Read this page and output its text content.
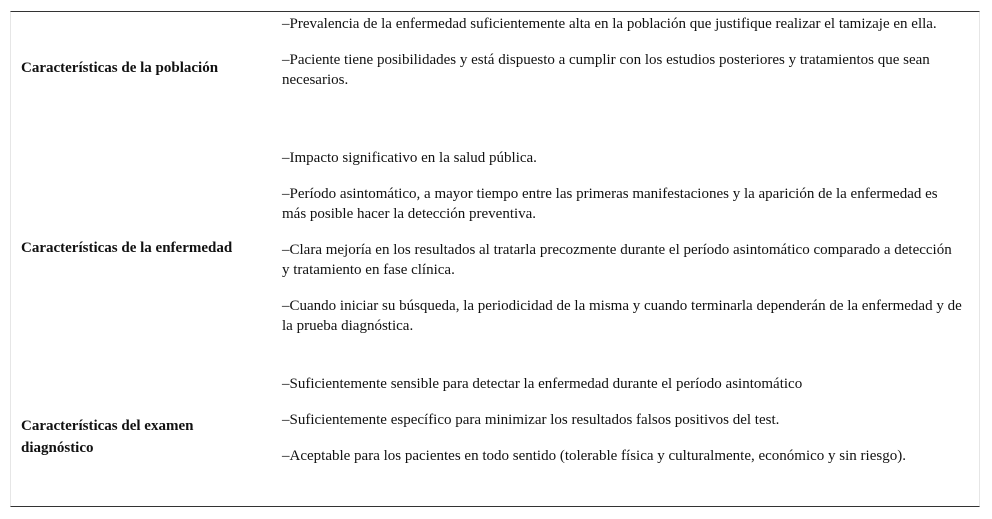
Características de la población

–Prevalencia de la enfermedad suficientemente alta en la población que justifique realizar el tamizaje en ella.

–Paciente tiene posibilidades y está dispuesto a cumplir con los estudios posteriores y tratamientos que sean necesarios.

Características de la enfermedad

–Impacto significativo en la salud pública.

–Período asintomático, a mayor tiempo entre las primeras manifestaciones y la aparición de la enfermedad es más posible hacer la detección preventiva.

–Clara mejoría en los resultados al tratarla precozmente durante el período asintomático comparado a detección y tratamiento en fase clínica.

–Cuando iniciar su búsqueda, la periodicidad de la misma y cuando terminarla dependerán de la enfermedad y de la prueba diagnóstica.

Características del examen diagnóstico

–Suficientemente sensible para detectar la enfermedad durante el período asintomático

–Suficientemente específico para minimizar los resultados falsos positivos del test.

–Aceptable para los pacientes en todo sentido (tolerable física y culturalmente, económico y sin riesgo).
